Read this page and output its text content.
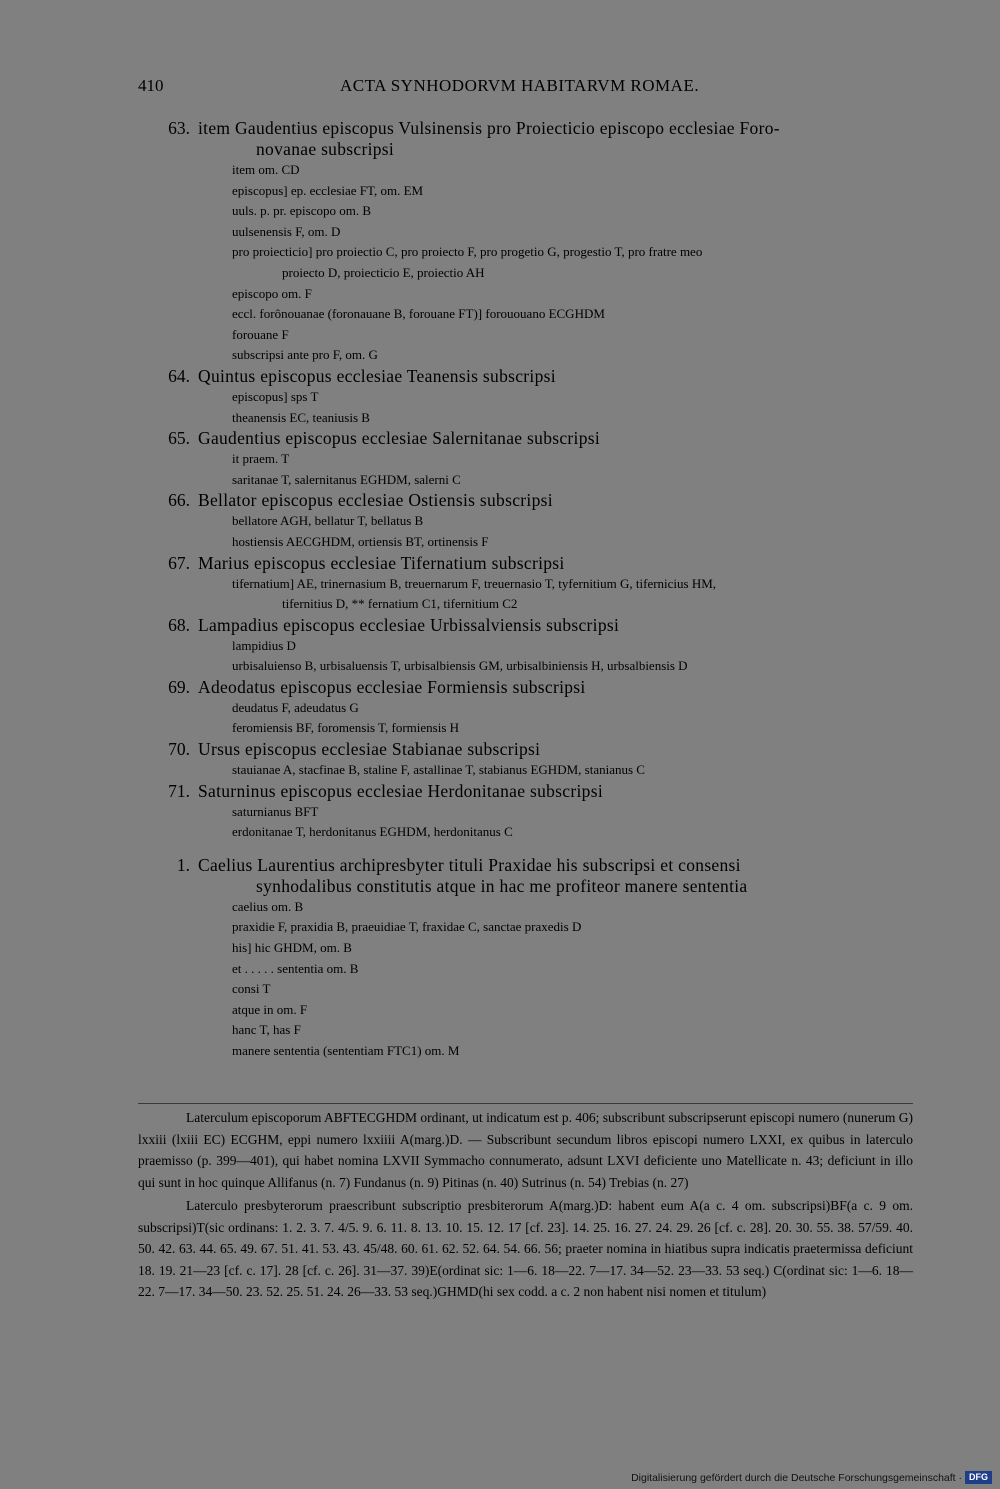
410	ACTA SYNHODORVM HABITARVM ROMAE.
63. item Gaudentius episcopus Vulsinensis pro Proiecticio episcopo ecclesiae Foro-
novanae subscripsi
item om. CD
episcopus] ep. ecclesiae FT, om. EM
uuls. p. pr. episcopo om. B
uulsenensis F, om. D
pro proiecticio] pro proiectio C, pro proiecto F, pro progetio G, progestio T, pro fratre meo
proiecto D, proiecticio E, proiectio AH
episcopo om. F
eccl. forônouanae (foronauane B, forouane FT)] forououano ECGHDM
forouane F
subscripsi ante pro F, om. G
64. Quintus episcopus ecclesiae Teanensis subscripsi
episcopus] sps T
theanensis EC, teaniusis B
65. Gaudentius episcopus ecclesiae Salernitanae subscripsi
it praem. T
saritanae T, salernitanus EGHDM, salerni C
66. Bellator episcopus ecclesiae Ostiensis subscripsi
bellatore AGH, bellatur T, bellatus B
hostiensis AECGHDM, ortiensis BT, ortinensis F
67. Marius episcopus ecclesiae Tifernatium subscripsi
tifernatium] AE, trinernasium B, treuernarum F, treuernasio T, tyfernitium G, tifernicius HM,
tifernitius D, ** fernatium C1, tifernitium C2
68. Lampadius episcopus ecclesiae Urbissalviensis subscripsi
lampidius D
urbisaluienso B, urbisaluensis T, urbisalbiensis GM, urbisalbiniensis H, urbsalbiensis D
69. Adeodatus episcopus ecclesiae Formiensis subscripsi
deudatus F, adeudatus G
feromiensis BF, foromensis T, formiensis H
70. Ursus episcopus ecclesiae Stabianae subscripsi
stauianae A, stacfinae B, staline F, astallinae T, stabianus EGHDM, stanianus C
71. Saturninus episcopus ecclesiae Herdonitanae subscripsi
saturnianus BFT
erdonitanae T, herdonitanus EGHDM, herdonitanus C
1. Caelius Laurentius archipresbyter tituli Praxidae his subscripsi et consensi
synhodalibus constitutis atque in hac me profiteor manere sententia
caelius om. B
praxidie F, praxidia B, praeuidiae T, fraxidae C, sanctae praxedis D
his] hic GHDM, om. B
et . . . . . sententia om. B
consi T
atque in om. F
hanc T, has F
manere sententia (sententiam FTC1) om. M

Laterculum episcoporum ABFTECGHDM ordinant, ut indicatum est p. 406; subscribunt subscripserunt episcopi numero (nunerum G) lxxiii (lxiii EC) ECGHM, eppi numero lxxiiii A(marg.)D. — Subscribunt secundum libros episcopi numero LXXI, ex quibus in laterculo praemisso (p. 399—401), qui habet nomina LXVII Symmacho connumerato, adsunt LXVI deficiente uno Matellicate n. 43; deficiunt in illo qui sunt in hoc quinque Allifanus (n. 7) Fundanus (n. 9) Pitinas (n. 40) Sutrinus (n. 54) Trebias (n. 27)

Laterculo presbyterorum praescribunt subscriptio presbiterorum A(marg.)D: habent eum A(a c. 4 om. subscripsi)BF(a c. 9 om. subscripsi)T(sic ordinans: 1. 2. 3. 7. 4/5. 9. 6. 11. 8. 13. 10. 15. 12. 17 [cf. 23]. 14. 25. 16. 27. 24. 29. 26 [cf. c. 28]. 20. 30. 55. 38. 57/59. 40. 50. 42. 63. 44. 65. 49. 67. 51. 41. 53. 43. 45/48. 60. 61. 62. 52. 64. 54. 66. 56; praeter nomina in hiatibus supra indicatis praetermissa deficiunt 18. 19. 21—23 [cf. c. 17]. 28 [cf. c. 26]. 31—37. 39)E(ordinat sic: 1—6. 18—22. 7—17. 34—52. 23—33. 53 seq.) C(ordinat sic: 1—6. 18—22. 7—17. 34—50. 23. 52. 25. 51. 24. 26—33. 53 seq.)GHMD(hi sex codd. a c. 2 non habent nisi nomen et titulum)

Digitalisierung gefördert durch die Deutsche Forschungsgemeinschaft · DFG
